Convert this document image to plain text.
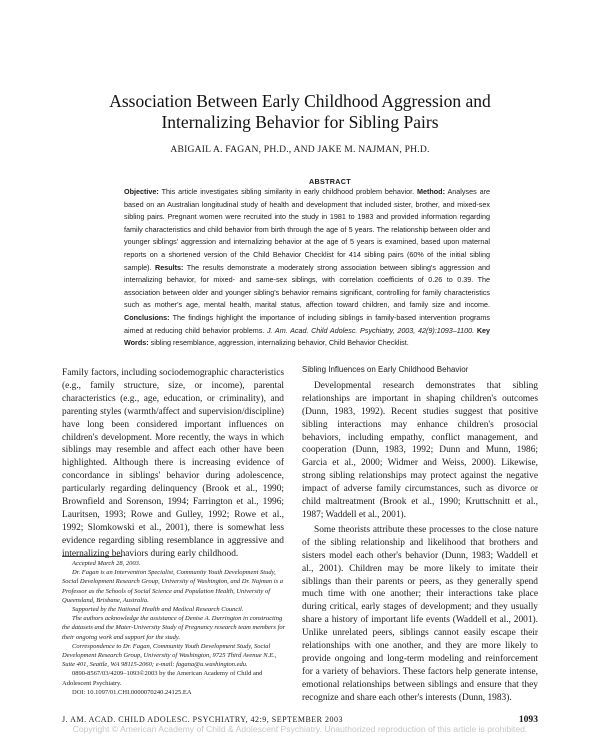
Association Between Early Childhood Aggression and
Internalizing Behavior for Sibling Pairs
ABIGAIL A. FAGAN, PH.D., AND JAKE M. NAJMAN, PH.D.
ABSTRACT
Objective: This article investigates sibling similarity in early childhood problem behavior. Method: Analyses are based on an Australian longitudinal study of health and development that included sister, brother, and mixed-sex sibling pairs. Pregnant women were recruited into the study in 1981 to 1983 and provided information regarding family characteristics and child behavior from birth through the age of 5 years. The relationship between older and younger siblings' aggression and internalizing behavior at the age of 5 years is examined, based upon maternal reports on a shortened version of the Child Behavior Checklist for 414 sibling pairs (60% of the initial sibling sample). Results: The results demonstrate a moderately strong association between sibling's aggression and internalizing behavior, for mixed- and same-sex siblings, with correlation coefficients of 0.26 to 0.39. The association between older and younger sibling's behavior remains significant, controlling for family characteristics such as mother's age, mental health, marital status, affection toward children, and family size and income. Conclusions: The findings highlight the importance of including siblings in family-based intervention programs aimed at reducing child behavior problems. J. Am. Acad. Child Adolesc. Psychiatry, 2003, 42(9):1093–1100. Key Words: sibling resemblance, aggression, internalizing behavior, Child Behavior Checklist.

Family factors, including sociodemographic characteristics (e.g., family structure, size, or income), parental characteristics (e.g., age, education, or criminality), and parenting styles (warmth/affect and supervision/discipline) have long been considered important influences on children's development. More recently, the ways in which siblings may resemble and affect each other have been highlighted. Although there is increasing evidence of concordance in siblings' behavior during adolescence, particularly regarding delinquency (Brook et al., 1990; Brownfield and Sorenson, 1994; Farrington et al., 1996; Lauritsen, 1993; Rowe and Gulley, 1992; Rowe et al., 1992; Slomkowski et al., 2001), there is somewhat less evidence regarding sibling resemblance in aggressive and internalizing behaviors during early childhood.

Accepted March 28, 2003.

Dr. Fagan is an Intervention Specialist, Community Youth Development Study, Social Development Research Group, University of Washington, and Dr. Najman is a Professor as the Schools of Social Science and Population Health, University of Queensland, Brisbane, Australia.

Supported by the National Health and Medical Research Council.

The authors acknowledge the assistance of Denise A. Durrington in constructing the datasets and the Mater-University Study of Pregnancy research team members for their ongoing work and support for the study.

Correspondence to Dr. Fagan, Community Youth Development Study, Social Development Research Group, University of Washington, 9725 Third Avenue N.E., Suite 401, Seattle, WA 98115-2060; e-mail: fagana@u.washington.edu.

0890-8567/03/4209–1093©2003 by the American Academy of Child and Adolescent Psychiatry.

DOI: 10.1097/01.CHI.0000070240.24125.EA

Sibling Influences on Early Childhood Behavior

Developmental research demonstrates that sibling relationships are important in shaping children's outcomes (Dunn, 1983, 1992). Recent studies suggest that positive sibling interactions may enhance children's prosocial behaviors, including empathy, conflict management, and cooperation (Dunn, 1983, 1992; Dunn and Munn, 1986; Garcia et al., 2000; Widmer and Weiss, 2000). Likewise, strong sibling relationships may protect against the negative impact of adverse family circumstances, such as divorce or child maltreatment (Brook et al., 1990; Kruttschnitt et al., 1987; Waddell et al., 2001).

Some theorists attribute these processes to the close nature of the sibling relationship and likelihood that brothers and sisters model each other's behavior (Dunn, 1983; Waddell et al., 2001). Children may be more likely to imitate their siblings than their parents or peers, as they generally spend much time with one another; their interactions take place during critical, early stages of development; and they usually share a history of important life events (Waddell et al., 2001). Unlike unrelated peers, siblings cannot easily escape their relationships with one another, and they are more likely to provide ongoing and long-term modeling and reinforcement for a variety of behaviors. These factors help generate intense, emotional relationships between siblings and ensure that they recognize and share each other's interests (Dunn, 1983).

J. AM. ACAD. CHILD ADOLESC. PSYCHIATRY, 42:9, SEPTEMBER 2003	1093
Copyright © American Academy of Child & Adolescent Psychiatry. Unauthorized reproduction of this article is prohibited.
